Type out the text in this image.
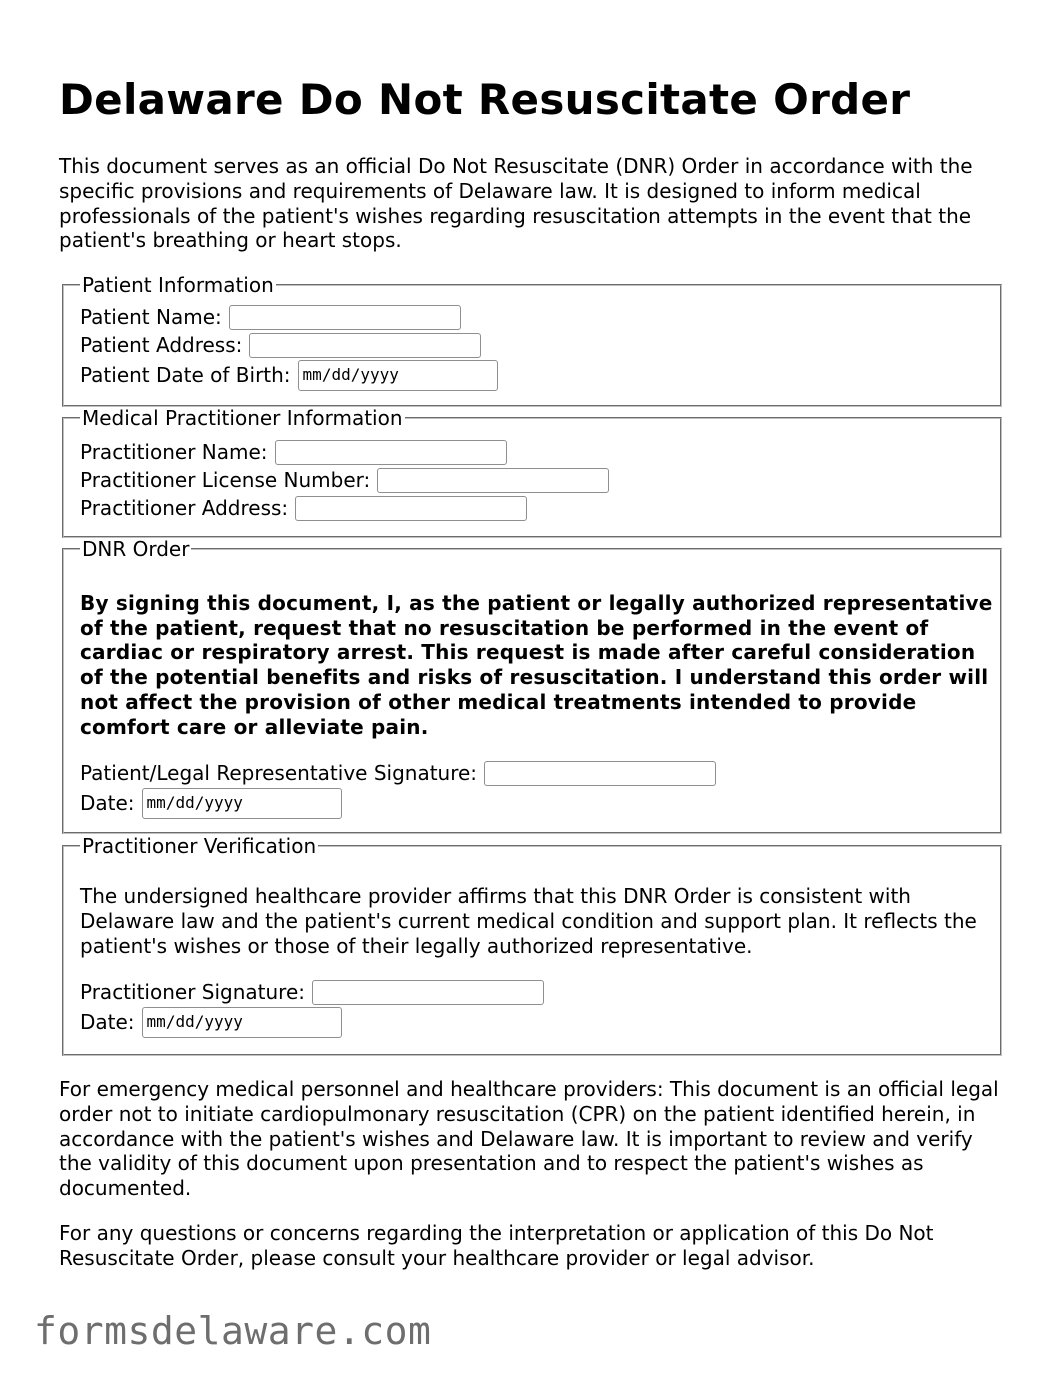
Delaware Do Not Resuscitate Order

This document serves as an official Do Not Resuscitate (DNR) Order in accordance with the specific provisions and requirements of Delaware law. It is designed to inform medical professionals of the patient's wishes regarding resuscitation attempts in the event that the patient's breathing or heart stops.

Patient Information
Patient Name:
Patient Address:
Patient Date of Birth: mm/dd/yyyy
Medical Practitioner Information
Practitioner Name:
Practitioner License Number:
Practitioner Address:
DNR Order

By signing this document, I, as the patient or legally authorized representative of the patient, request that no resuscitation be performed in the event of cardiac or respiratory arrest. This request is made after careful consideration of the potential benefits and risks of resuscitation. I understand this order will not affect the provision of other medical treatments intended to provide comfort care or alleviate pain.

Patient/Legal Representative Signature:
Date: mm/dd/yyyy
Practitioner Verification

The undersigned healthcare provider affirms that this DNR Order is consistent with Delaware law and the patient's current medical condition and support plan. It reflects the patient's wishes or those of their legally authorized representative.

Practitioner Signature:
Date: mm/dd/yyyy

For emergency medical personnel and healthcare providers: This document is an official legal order not to initiate cardiopulmonary resuscitation (CPR) on the patient identified herein, in accordance with the patient's wishes and Delaware law. It is important to review and verify the validity of this document upon presentation and to respect the patient's wishes as documented.

For any questions or concerns regarding the interpretation or application of this Do Not Resuscitate Order, please consult your healthcare provider or legal advisor.

formsdelaware.com
